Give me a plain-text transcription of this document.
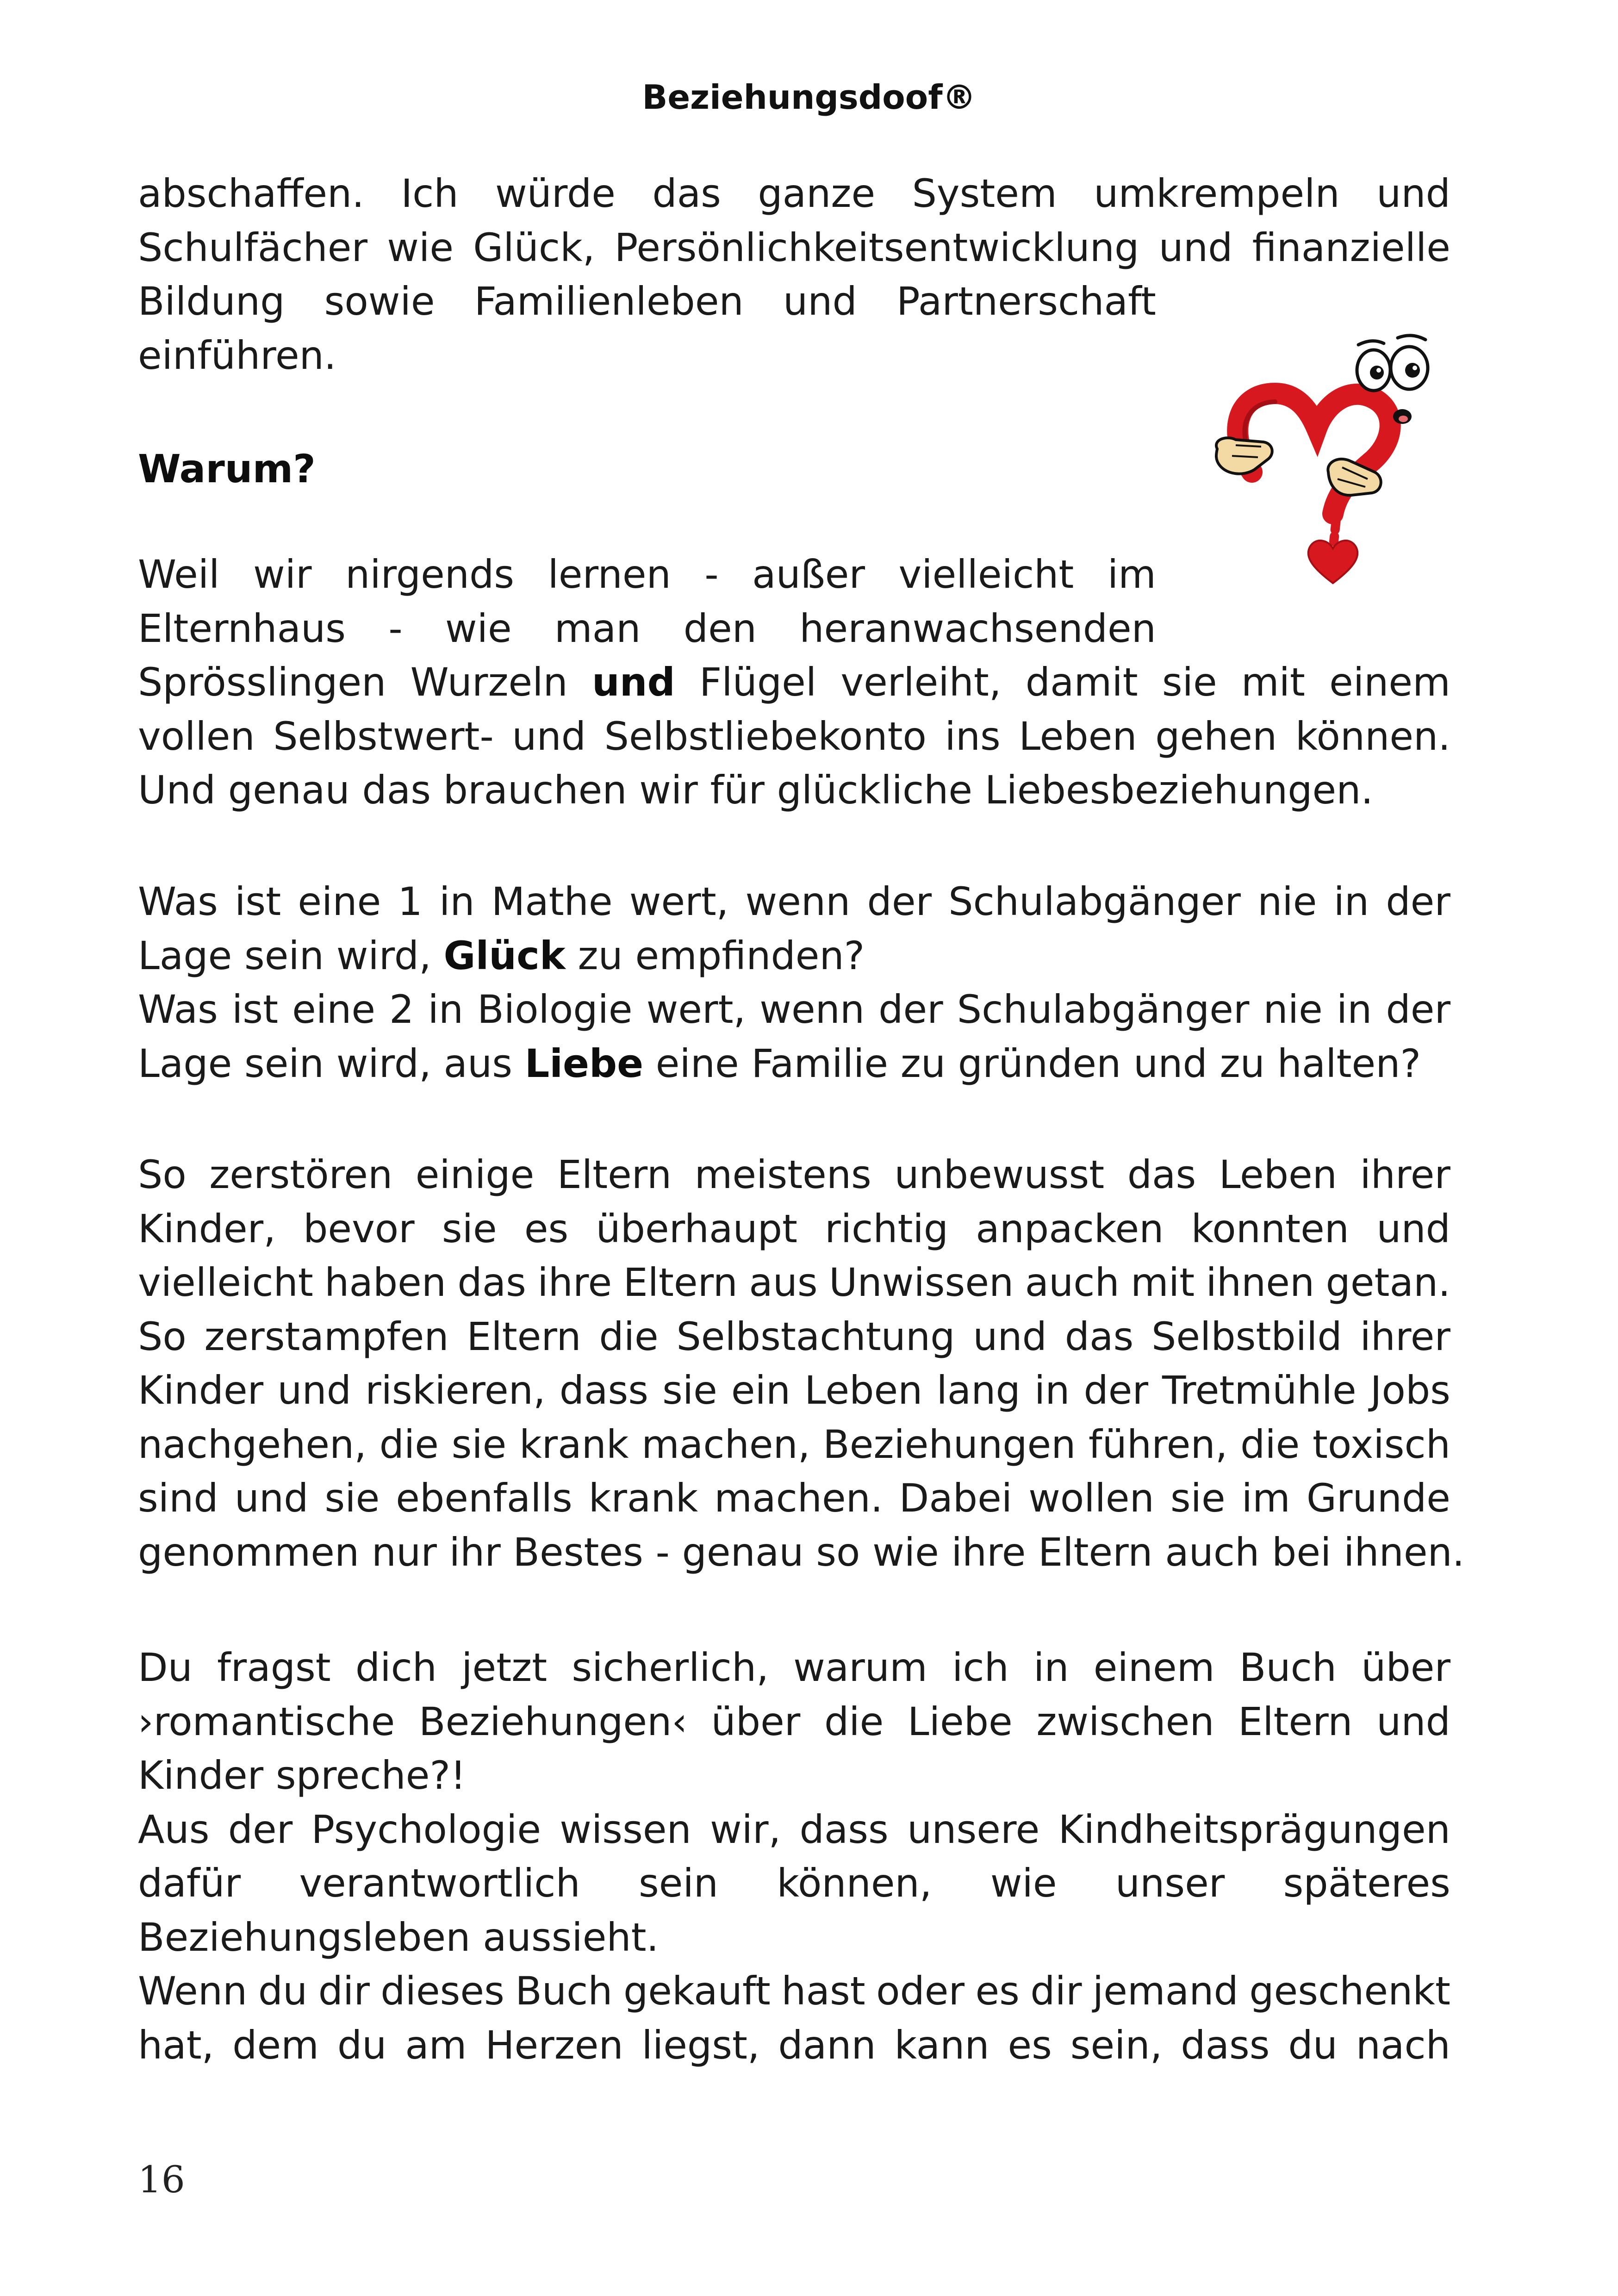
Beziehungsdoof®
abschaffen. Ich würde das ganze System umkrempeln und
Schulfächer wie Glück, Persönlichkeitsentwicklung und finanzielle
Bildung sowie Familienleben und Partnerschaft
einführen.
Warum?
Weil wir nirgends lernen - außer vielleicht im
Elternhaus - wie man den heranwachsenden
Sprösslingen Wurzeln und Flügel verleiht, damit sie mit einem
vollen Selbstwert- und Selbstliebekonto ins Leben gehen können.
Und genau das brauchen wir für glückliche Liebesbeziehungen.
Was ist eine 1 in Mathe wert, wenn der Schulabgänger nie in der
Lage sein wird, Glück zu empfinden?
Was ist eine 2 in Biologie wert, wenn der Schulabgänger nie in der
Lage sein wird, aus Liebe eine Familie zu gründen und zu halten?
So zerstören einige Eltern meistens unbewusst das Leben ihrer
Kinder, bevor sie es überhaupt richtig anpacken konnten und
vielleicht haben das ihre Eltern aus Unwissen auch mit ihnen getan.
So zerstampfen Eltern die Selbstachtung und das Selbstbild ihrer
Kinder und riskieren, dass sie ein Leben lang in der Tretmühle Jobs
nachgehen, die sie krank machen, Beziehungen führen, die toxisch
sind und sie ebenfalls krank machen. Dabei wollen sie im Grunde
genommen nur ihr Bestes - genau so wie ihre Eltern auch bei ihnen.
Du fragst dich jetzt sicherlich, warum ich in einem Buch über
›romantische Beziehungen‹ über die Liebe zwischen Eltern und
Kinder spreche?!
Aus der Psychologie wissen wir, dass unsere Kindheitsprägungen
dafür verantwortlich sein können, wie unser späteres
Beziehungsleben aussieht.
Wenn du dir dieses Buch gekauft hast oder es dir jemand geschenkt
hat, dem du am Herzen liegst, dann kann es sein, dass du nach
16
